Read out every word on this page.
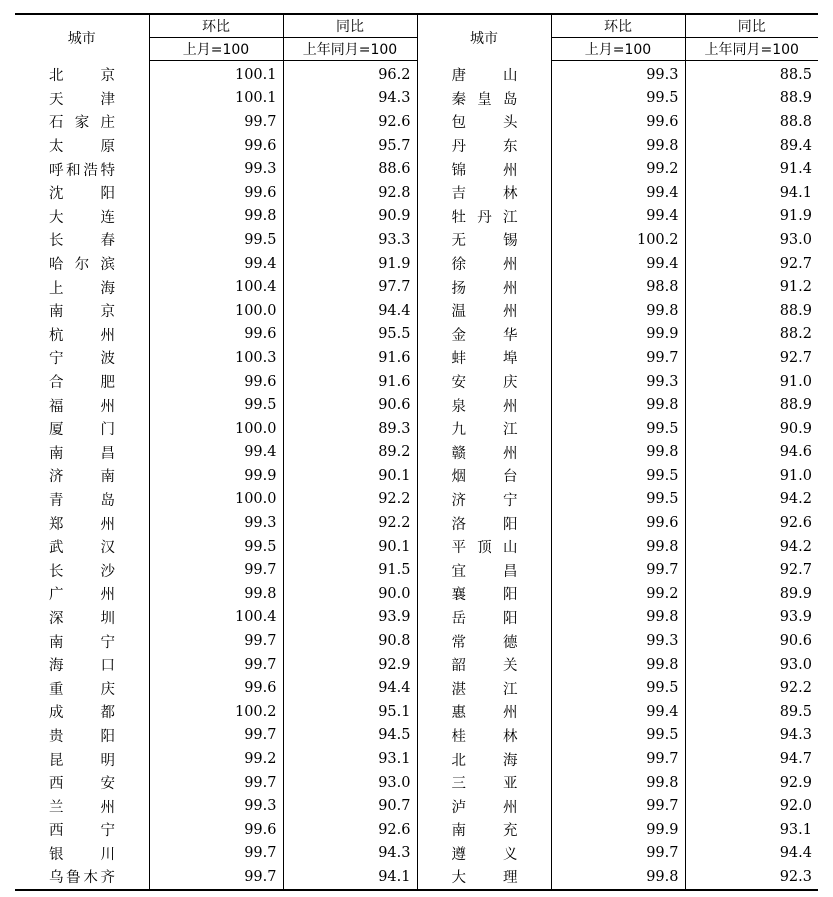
城市	环比	同比	城市	环比	同比
	上月=100	上年同月=100		上月=100	上年同月=100
北京	100.1	96.2	唐山	99.3	88.5
天津	100.1	94.3	秦皇岛	99.5	88.9
石家庄	99.7	92.6	包头	99.6	88.8
太原	99.6	95.7	丹东	99.8	89.4
呼和浩特	99.3	88.6	锦州	99.2	91.4
沈阳	99.6	92.8	吉林	99.4	94.1
大连	99.8	90.9	牡丹江	99.4	91.9
长春	99.5	93.3	无锡	100.2	93.0
哈尔滨	99.4	91.9	徐州	99.4	92.7
上海	100.4	97.7	扬州	98.8	91.2
南京	100.0	94.4	温州	99.8	88.9
杭州	99.6	95.5	金华	99.9	88.2
宁波	100.3	91.6	蚌埠	99.7	92.7
合肥	99.6	91.6	安庆	99.3	91.0
福州	99.5	90.6	泉州	99.8	88.9
厦门	100.0	89.3	九江	99.5	90.9
南昌	99.4	89.2	赣州	99.8	94.6
济南	99.9	90.1	烟台	99.5	91.0
青岛	100.0	92.2	济宁	99.5	94.2
郑州	99.3	92.2	洛阳	99.6	92.6
武汉	99.5	90.1	平顶山	99.8	94.2
长沙	99.7	91.5	宜昌	99.7	92.7
广州	99.8	90.0	襄阳	99.2	89.9
深圳	100.4	93.9	岳阳	99.8	93.9
南宁	99.7	90.8	常德	99.3	90.6
海口	99.7	92.9	韶关	99.8	93.0
重庆	99.6	94.4	湛江	99.5	92.2
成都	100.2	95.1	惠州	99.4	89.5
贵阳	99.7	94.5	桂林	99.5	94.3
昆明	99.2	93.1	北海	99.7	94.7
西安	99.7	93.0	三亚	99.8	92.9
兰州	99.3	90.7	泸州	99.7	92.0
西宁	99.6	92.6	南充	99.9	93.1
银川	99.7	94.3	遵义	99.7	94.4
乌鲁木齐	99.7	94.1	大理	99.8	92.3
